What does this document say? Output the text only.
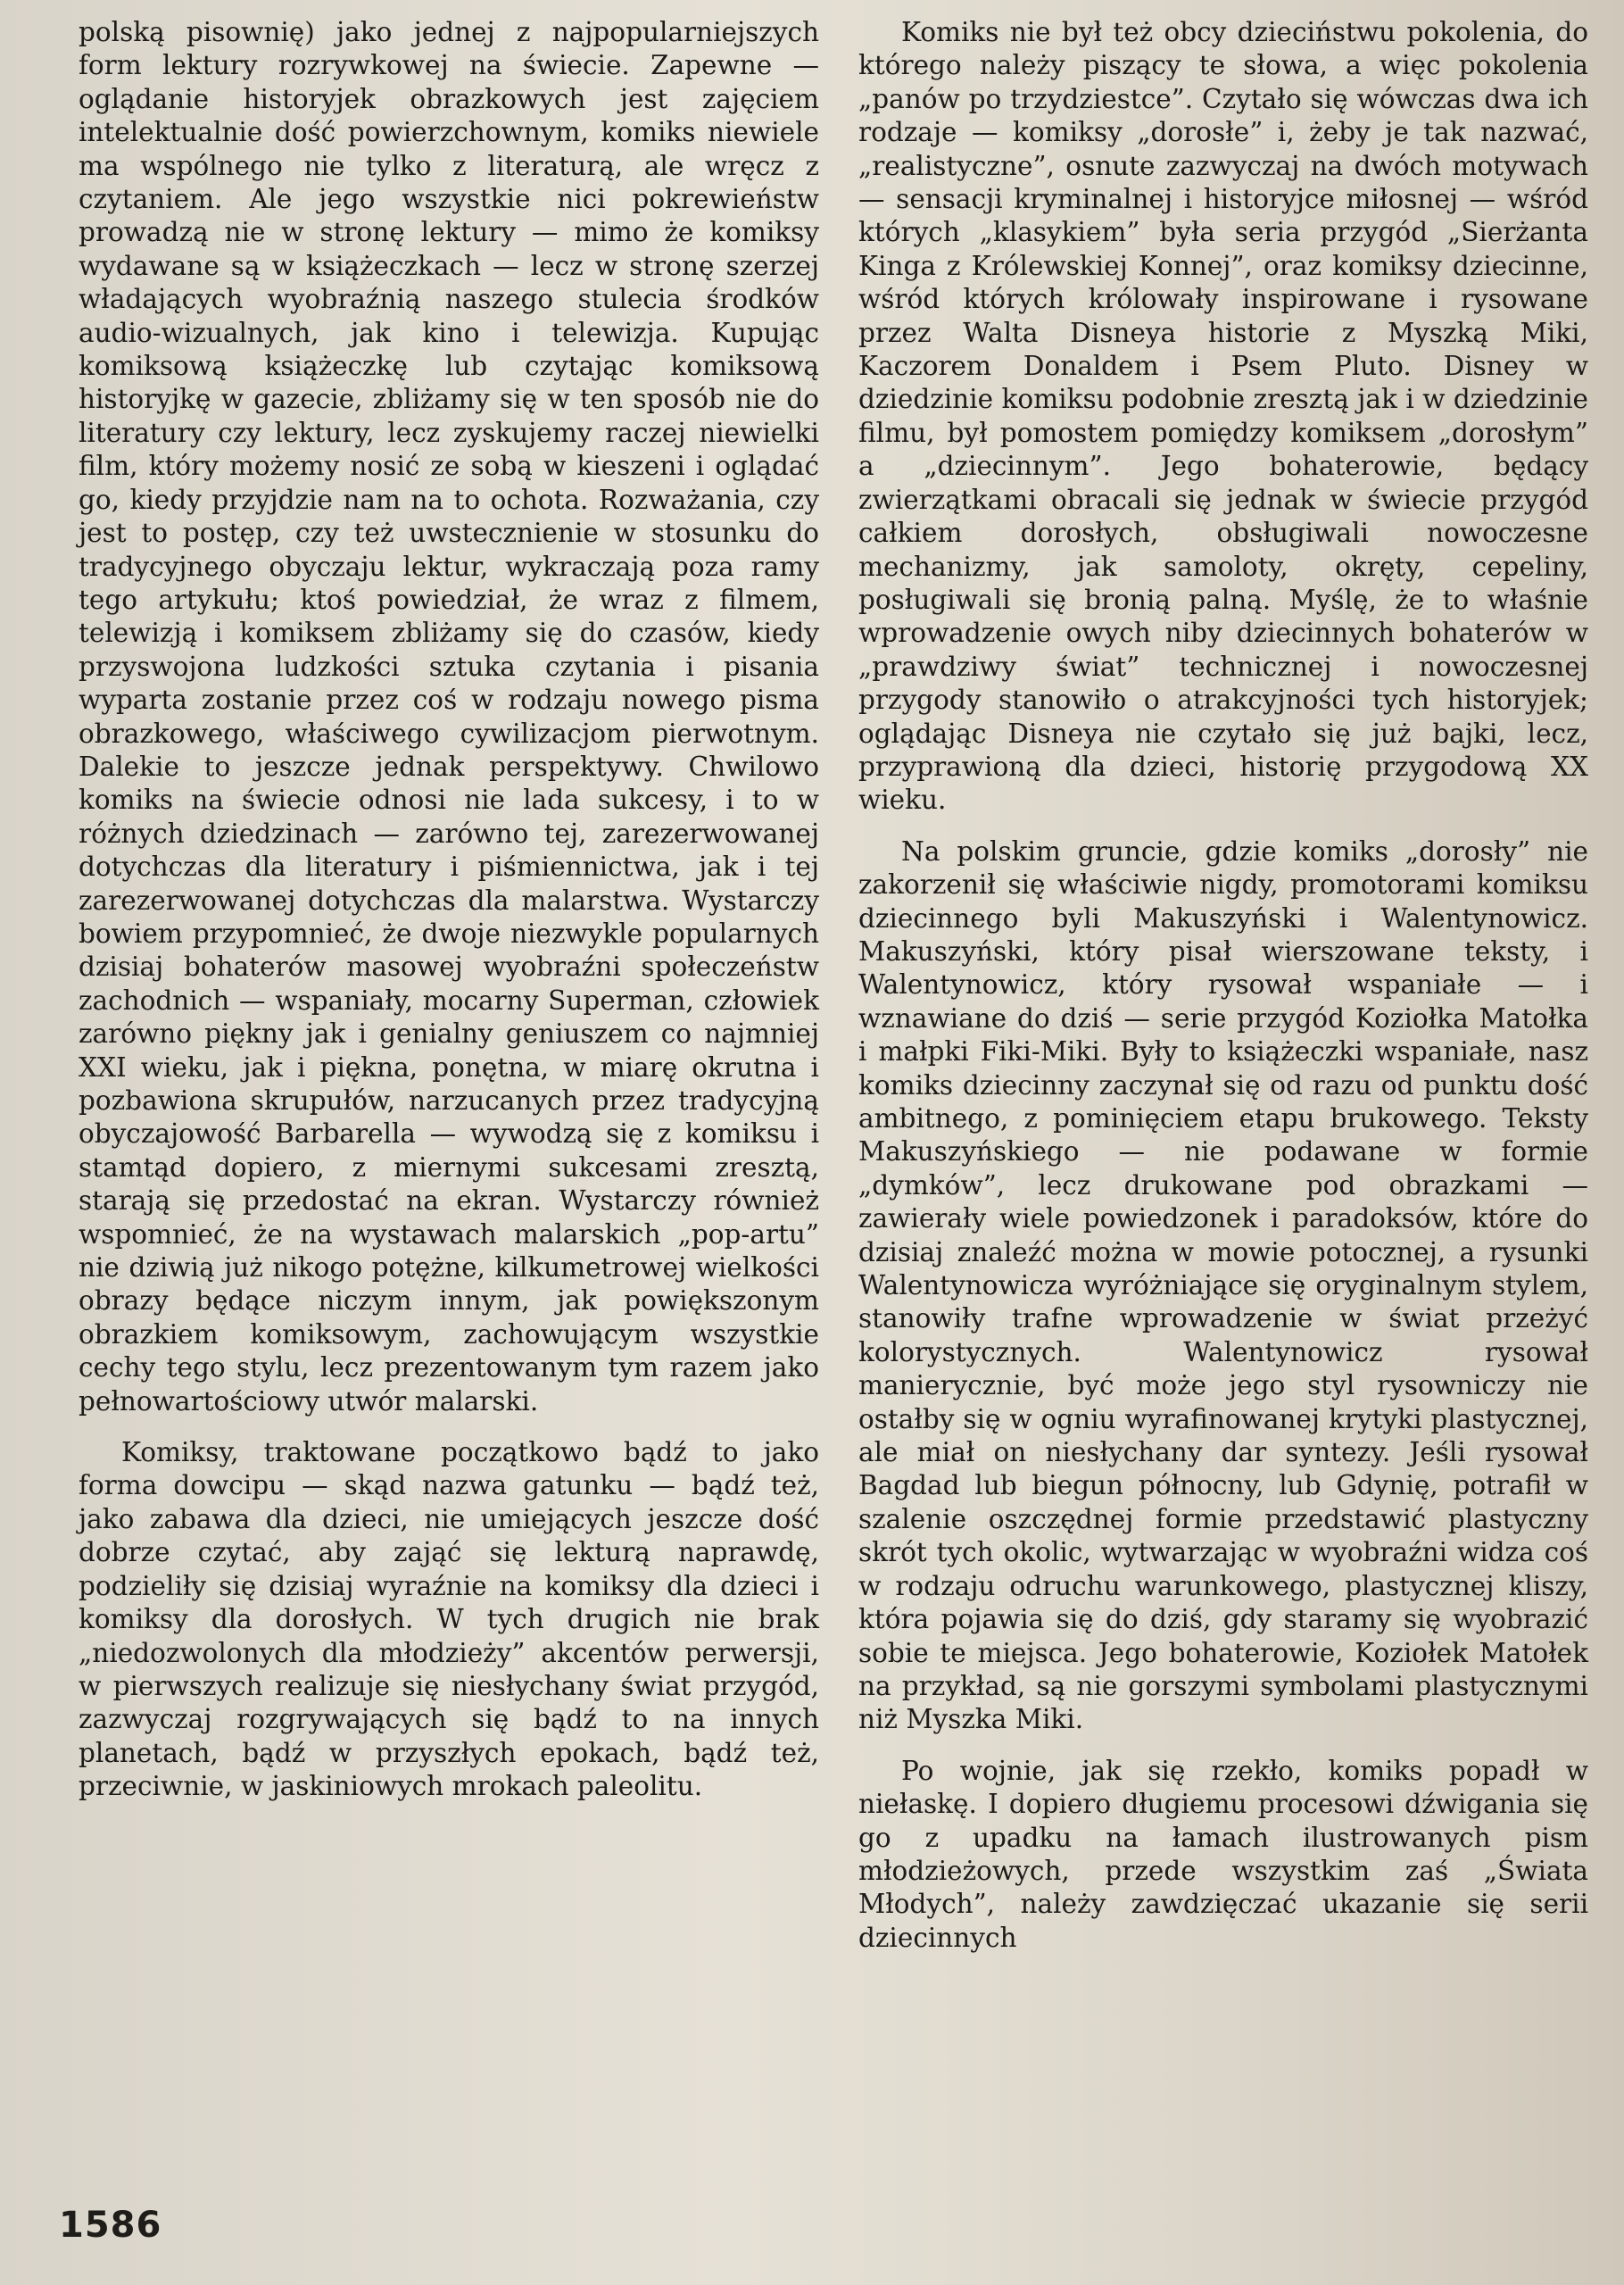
polską pisownię) jako jednej z najpopularniejszych form lektury rozrywkowej na świecie. Zapewne — oglądanie historyjek obrazkowych jest zajęciem intelektualnie dość powierzchownym, komiks niewiele ma wspólnego nie tylko z literaturą, ale wręcz z czytaniem. Ale jego wszystkie nici pokrewieństw prowadzą nie w stronę lektury — mimo że komiksy wydawane są w książeczkach — lecz w stronę szerzej władających wyobraźnią naszego stulecia środków audio-wizualnych, jak kino i telewizja. Kupując komiksową książeczkę lub czytając komiksową historyjkę w gazecie, zbliżamy się w ten sposób nie do literatury czy lektury, lecz zyskujemy raczej niewielki film, który możemy nosić ze sobą w kieszeni i oglądać go, kiedy przyjdzie nam na to ochota. Rozważania, czy jest to postęp, czy też uwstecznienie w stosunku do tradycyjnego obyczaju lektur, wykraczają poza ramy tego artykułu; ktoś powiedział, że wraz z filmem, telewizją i komiksem zbliżamy się do czasów, kiedy przyswojona ludzkości sztuka czytania i pisania wyparta zostanie przez coś w rodzaju nowego pisma obrazkowego, właściwego cywilizacjom pierwotnym. Dalekie to jeszcze jednak perspektywy. Chwilowo komiks na świecie odnosi nie lada sukcesy, i to w różnych dziedzinach — zarówno tej, zarezerwowanej dotychczas dla literatury i piśmiennictwa, jak i tej zarezerwowanej dotychczas dla malarstwa. Wystarczy bowiem przypomnieć, że dwoje niezwykle popularnych dzisiaj bohaterów masowej wyobraźni społeczeństw zachodnich — wspaniały, mocarny Superman, człowiek zarówno piękny jak i genialny geniuszem co najmniej XXI wieku, jak i piękna, ponętna, w miarę okrutna i pozbawiona skrupułów, narzucanych przez tradycyjną obyczajowość Barbarella — wywodzą się z komiksu i stamtąd dopiero, z miernymi sukcesami zresztą, starają się przedostać na ekran. Wystarczy również wspomnieć, że na wystawach malarskich „pop-artu” nie dziwią już nikogo potężne, kilkumetrowej wielkości obrazy będące niczym innym, jak powiększonym obrazkiem komiksowym, zachowującym wszystkie cechy tego stylu, lecz prezentowanym tym razem jako pełnowartościowy utwór malarski.

Komiksy, traktowane początkowo bądź to jako forma dowcipu — skąd nazwa gatunku — bądź też, jako zabawa dla dzieci, nie umiejących jeszcze dość dobrze czytać, aby zająć się lekturą naprawdę, podzieliły się dzisiaj wyraźnie na komiksy dla dzieci i komiksy dla dorosłych. W tych drugich nie brak „niedozwolonych dla młodzieży” akcentów perwersji, w pierwszych realizuje się niesłychany świat przygód, zazwyczaj rozgrywających się bądź to na innych planetach, bądź w przyszłych epokach, bądź też, przeciwnie, w jaskiniowych mrokach paleolitu.

Komiks nie był też obcy dzieciństwu pokolenia, do którego należy piszący te słowa, a więc pokolenia „panów po trzydziestce”. Czytało się wówczas dwa ich rodzaje — komiksy „dorosłe” i, żeby je tak nazwać, „realistyczne”, osnute zazwyczaj na dwóch motywach — sensacji kryminalnej i historyjce miłosnej — wśród których „klasykiem” była seria przygód „Sierżanta Kinga z Królewskiej Konnej”, oraz komiksy dziecinne, wśród których królowały inspirowane i rysowane przez Walta Disneya historie z Myszką Miki, Kaczorem Donaldem i Psem Pluto. Disney w dziedzinie komiksu podobnie zresztą jak i w dziedzinie filmu, był pomostem pomiędzy komiksem „dorosłym” a „dziecinnym”. Jego bohaterowie, będący zwierzątkami obracali się jednak w świecie przygód całkiem dorosłych, obsługiwali nowoczesne mechanizmy, jak samoloty, okręty, cepeliny, posługiwali się bronią palną. Myślę, że to właśnie wprowadzenie owych niby dziecinnych bohaterów w „prawdziwy świat” technicznej i nowoczesnej przygody stanowiło o atrakcyjności tych historyjek; oglądając Disneya nie czytało się już bajki, lecz, przyprawioną dla dzieci, historię przygodową XX wieku.

Na polskim gruncie, gdzie komiks „dorosły” nie zakorzenił się właściwie nigdy, promotorami komiksu dziecinnego byli Makuszyński i Walentynowicz. Makuszyński, który pisał wierszowane teksty, i Walentynowicz, który rysował wspaniałe — i wznawiane do dziś — serie przygód Koziołka Matołka i małpki Fiki-Miki. Były to książeczki wspaniałe, nasz komiks dziecinny zaczynał się od razu od punktu dość ambitnego, z pominięciem etapu brukowego. Teksty Makuszyńskiego — nie podawane w formie „dymków”, lecz drukowane pod obrazkami — zawierały wiele powiedzonek i paradoksów, które do dzisiaj znaleźć można w mowie potocznej, a rysunki Walentynowicza wyróżniające się oryginalnym stylem, stanowiły trafne wprowadzenie w świat przeżyć kolorystycznych. Walentynowicz rysował manierycznie, być może jego styl rysowniczy nie ostałby się w ogniu wyrafinowanej krytyki plastycznej, ale miał on niesłychany dar syntezy. Jeśli rysował Bagdad lub biegun północny, lub Gdynię, potrafił w szalenie oszczędnej formie przedstawić plastyczny skrót tych okolic, wytwarzając w wyobraźni widza coś w rodzaju odruchu warunkowego, plastycznej kliszy, która pojawia się do dziś, gdy staramy się wyobrazić sobie te miejsca. Jego bohaterowie, Koziołek Matołek na przykład, są nie gorszymi symbolami plastycznymi niż Myszka Miki.

Po wojnie, jak się rzekło, komiks popadł w niełaskę. I dopiero długiemu procesowi dźwigania się go z upadku na łamach ilustrowanych pism młodzieżowych, przede wszystkim zaś „Świata Młodych”, należy zawdzięczać ukazanie się serii dziecinnych

1586
